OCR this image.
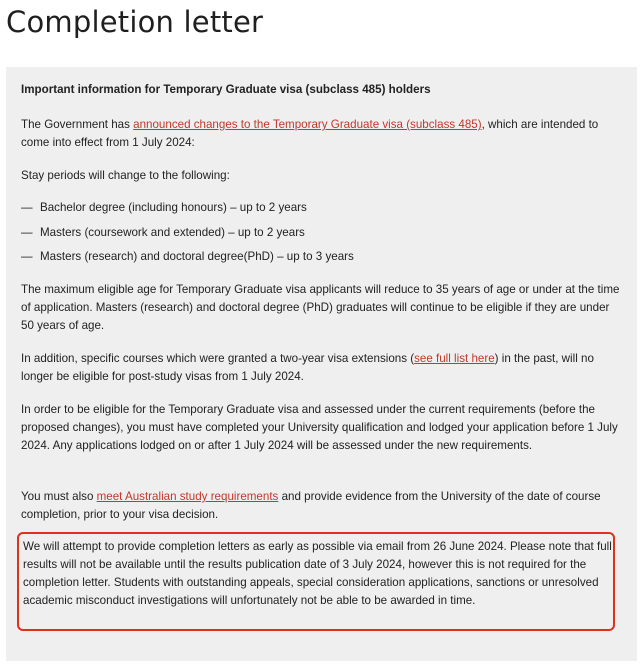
Completion letter

Important information for Temporary Graduate visa (subclass 485) holders

The Government has announced changes to the Temporary Graduate visa (subclass 485), which are intended to come into effect from 1 July 2024:

Stay periods will change to the following:

— Bachelor degree (including honours) – up to 2 years
— Masters (coursework and extended) – up to 2 years
— Masters (research) and doctoral degree(PhD) – up to 3 years

The maximum eligible age for Temporary Graduate visa applicants will reduce to 35 years of age or under at the time of application. Masters (research) and doctoral degree (PhD) graduates will continue to be eligible if they are under 50 years of age.

In addition, specific courses which were granted a two-year visa extensions (see full list here) in the past, will no longer be eligible for post-study visas from 1 July 2024.

In order to be eligible for the Temporary Graduate visa and assessed under the current requirements (before the proposed changes), you must have completed your University qualification and lodged your application before 1 July 2024. Any applications lodged on or after 1 July 2024 will be assessed under the new requirements.

You must also meet Australian study requirements and provide evidence from the University of the date of course completion, prior to your visa decision.

We will attempt to provide completion letters as early as possible via email from 26 June 2024. Please note that full results will not be available until the results publication date of 3 July 2024, however this is not required for the completion letter. Students with outstanding appeals, special consideration applications, sanctions or unresolved academic misconduct investigations will unfortunately not be able to be awarded in time.
